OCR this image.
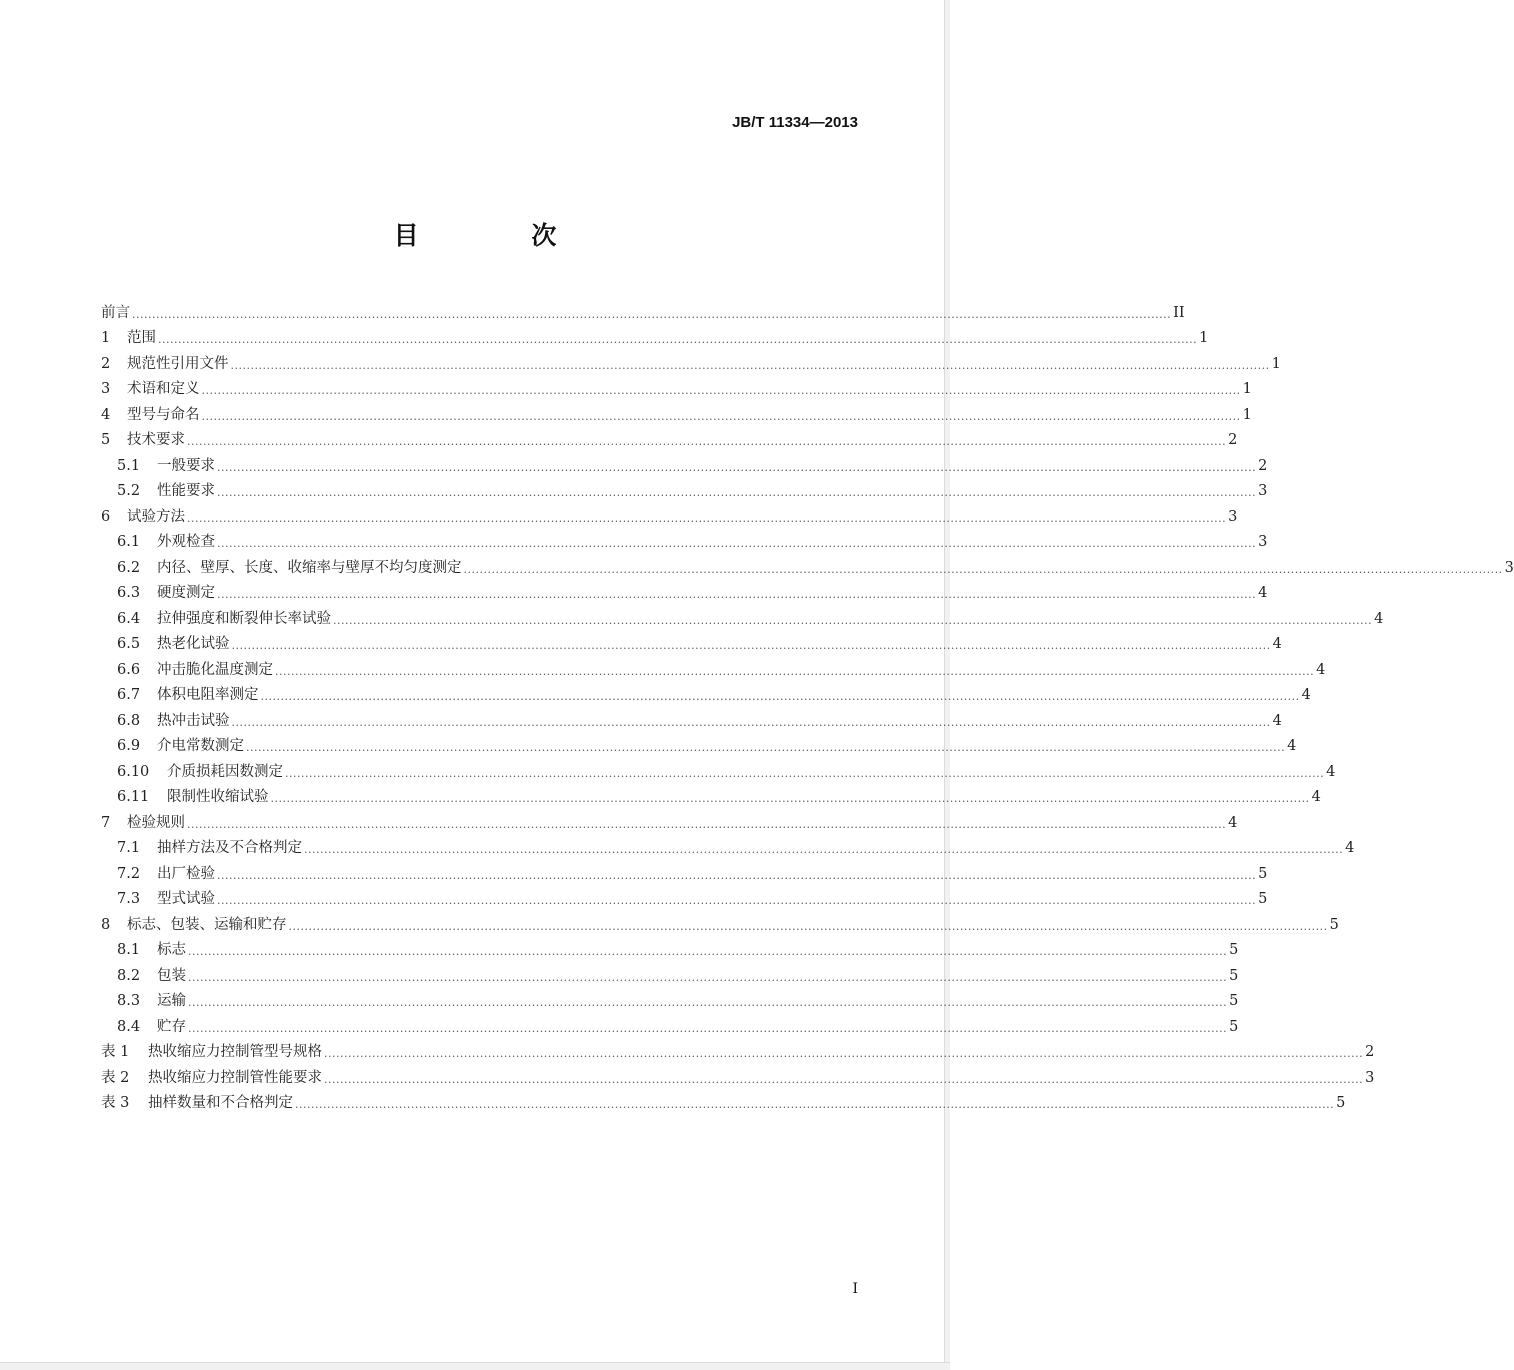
JB/T 11334—2013
目 次
前言 .................................................................................................................................................................................................................................................................... II
1	范围 .................................................................................................................................................................................................................................................................... 1
2	规范性引用文件 .................................................................................................................................................................................................................................................................... 1
3	术语和定义 .................................................................................................................................................................................................................................................................... 1
4	型号与命名 .................................................................................................................................................................................................................................................................... 1
5	技术要求 .................................................................................................................................................................................................................................................................... 2
5.1	一般要求 .................................................................................................................................................................................................................................................................... 2
5.2	性能要求 .................................................................................................................................................................................................................................................................... 3
6	试验方法 .................................................................................................................................................................................................................................................................... 3
6.1	外观检查 .................................................................................................................................................................................................................................................................... 3
6.2	内径、壁厚、长度、收缩率与壁厚不均匀度测定 .................................................................................................................................................................................................................................................................... 3
6.3	硬度测定 .................................................................................................................................................................................................................................................................... 4
6.4	拉伸强度和断裂伸长率试验 .................................................................................................................................................................................................................................................................... 4
6.5	热老化试验 .................................................................................................................................................................................................................................................................... 4
6.6	冲击脆化温度测定 .................................................................................................................................................................................................................................................................... 4
6.7	体积电阻率测定 .................................................................................................................................................................................................................................................................... 4
6.8	热冲击试验 .................................................................................................................................................................................................................................................................... 4
6.9	介电常数测定 .................................................................................................................................................................................................................................................................... 4
6.10	介质损耗因数测定 .................................................................................................................................................................................................................................................................... 4
6.11	限制性收缩试验 .................................................................................................................................................................................................................................................................... 4
7	检验规则 .................................................................................................................................................................................................................................................................... 4
7.1	抽样方法及不合格判定 .................................................................................................................................................................................................................................................................... 4
7.2	出厂检验 .................................................................................................................................................................................................................................................................... 5
7.3	型式试验 .................................................................................................................................................................................................................................................................... 5
8	标志、包装、运输和贮存 .................................................................................................................................................................................................................................................................... 5
8.1	标志 .................................................................................................................................................................................................................................................................... 5
8.2	包装 .................................................................................................................................................................................................................................................................... 5
8.3	运输 .................................................................................................................................................................................................................................................................... 5
8.4	贮存 .................................................................................................................................................................................................................................................................... 5
表 1	热收缩应力控制管型号规格 .................................................................................................................................................................................................................................................................... 2
表 2	热收缩应力控制管性能要求 .................................................................................................................................................................................................................................................................... 3
表 3	抽样数量和不合格判定 .................................................................................................................................................................................................................................................................... 5
I
